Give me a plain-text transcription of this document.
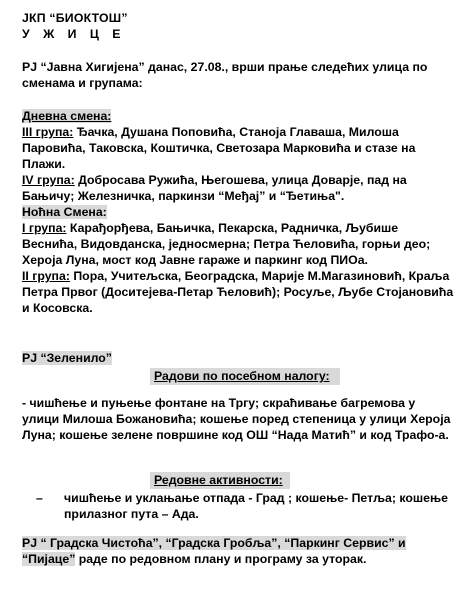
ЈКП “БИОКТОШ”
У Ж И Ц Е
РЈ “Јавна Хигијена” данас, 27.08., врши прање следећих улица по сменама и групама:
Дневна смена:
III група: Ђачка, Душана Поповића, Станоја Главаша, Милоша Паровића, Таковска, Коштичка, Светозара Марковића и стазе на Плажи.
IV група: Добросава Ружића, Његошева, улица Доварје, пад на Бањичу; Железничка, паркинзи “Међај” и “Ђетиња".
Ноћна Смена:
I група: Карађорђева, Бањичка, Пекарска, Радничка, Љубише Веснића, Видовданска, једносмерна; Петра Ћеловића, горњи део; Хероја Луна, мост код Јавне гараже и паркинг код ПИОа.
II група: Пора, Учитељска, Београдска, Марије М.Магазиновић, Краља Петра Првог (Доситејева-Петар Ћеловић); Росуље, Љубе Стојановића и Косовска.
РЈ “Зеленило”
Радови по посебном налогу:
- чишћење и пуњење фонтане на Тргу; скраћивање багремова у улици Милоша Божановића; кошење поред степеница у улици Хероја Луна; кошење зелене површине код ОШ “Нада Матић” и код Трафо-а.
Редовне активности:
– чишћење и уклањање отпада - Град ; кошење- Петља; кошење прилазног пута – Ада.
РЈ “ Градска Чистоћа”, “Градска Гробља”, “Паркинг Сервис” и “Пијаце” раде по редовном плану и програму за уторак.
